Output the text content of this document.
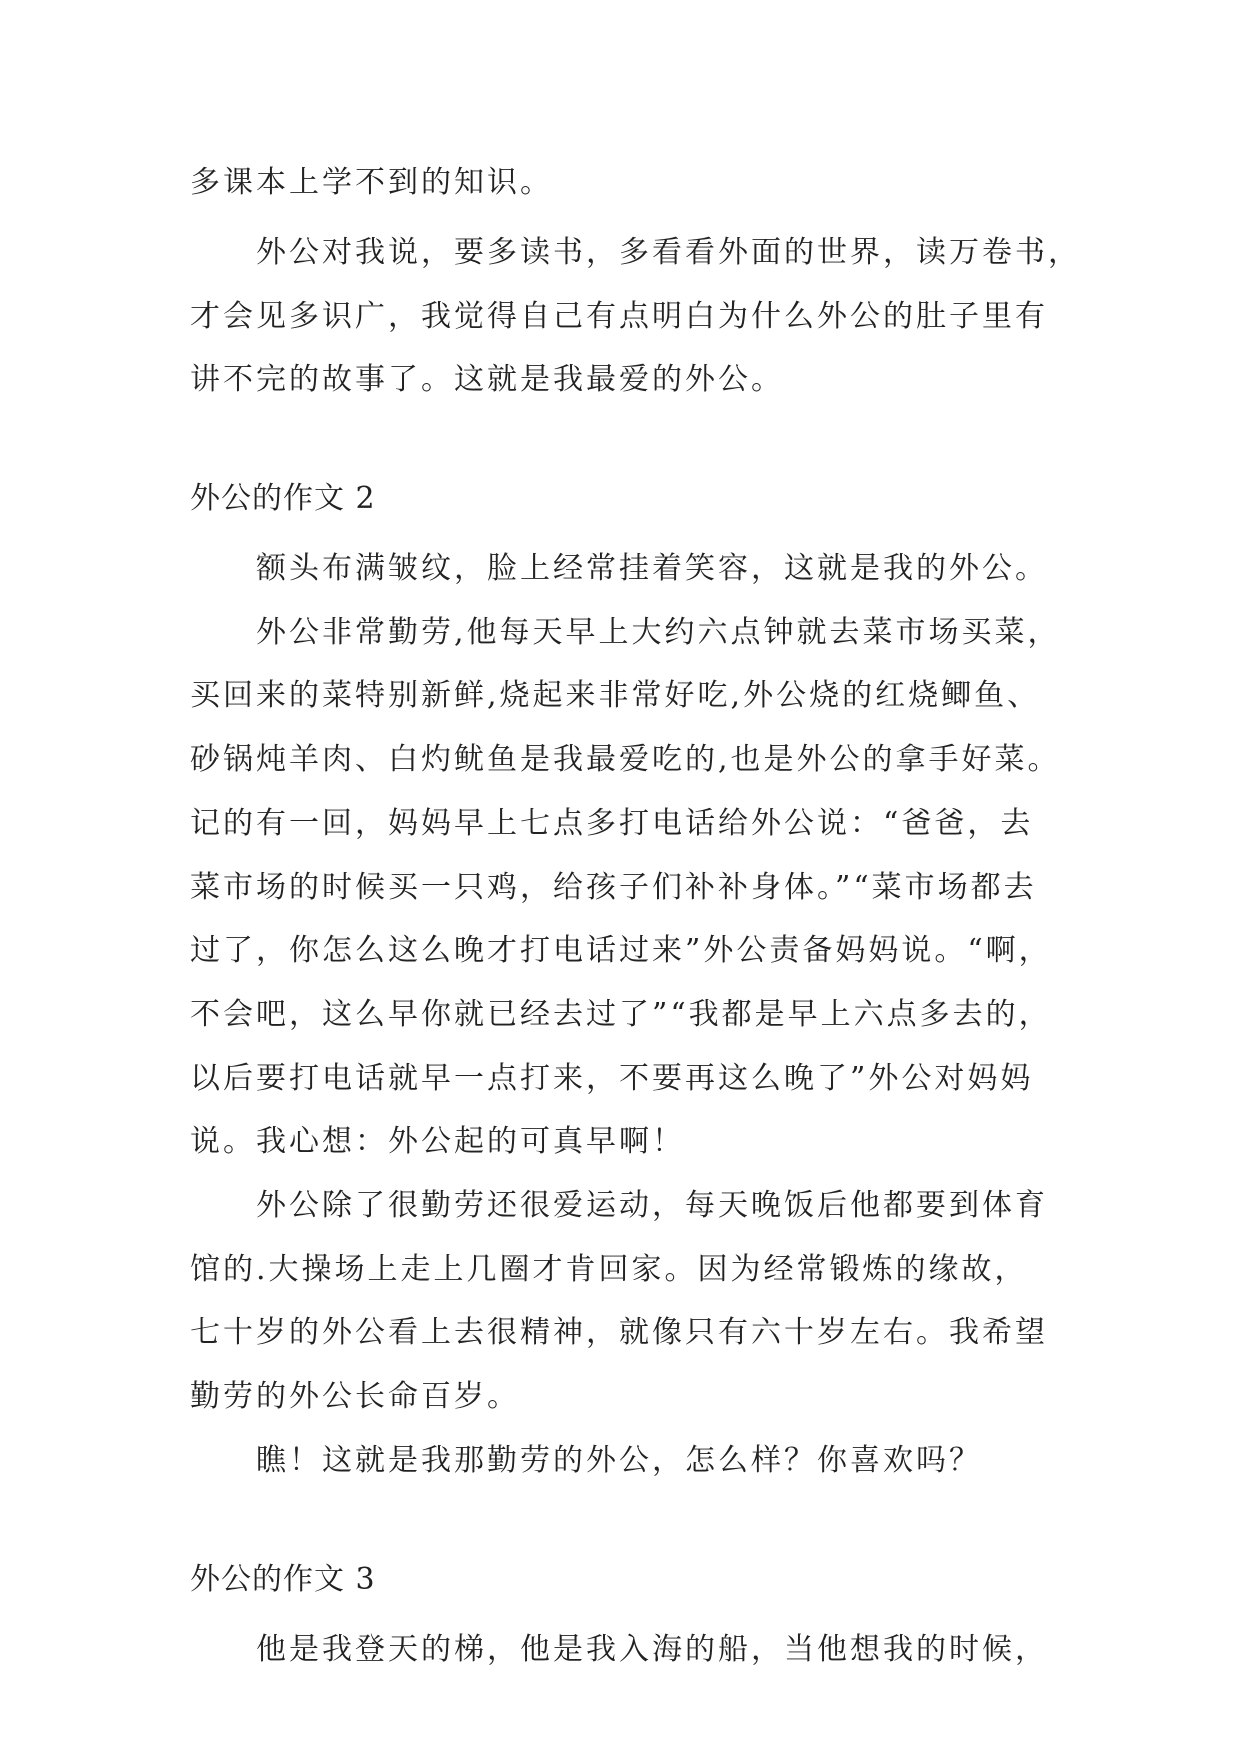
多课本上学不到的知识。
外公对我说，要多读书，多看看外面的世界，读万卷书，
才会见多识广，我觉得自己有点明白为什么外公的肚子里有
讲不完的故事了。这就是我最爱的外公。
外公的作文 2
额头布满皱纹，脸上经常挂着笑容，这就是我的外公。
外公非常勤劳,他每天早上大约六点钟就去菜市场买菜，
买回来的菜特别新鲜,烧起来非常好吃,外公烧的红烧鲫鱼、
砂锅炖羊肉、白灼鱿鱼是我最爱吃的,也是外公的拿手好菜。
记的有一回，妈妈早上七点多打电话给外公说：“爸爸，去
菜市场的时候买一只鸡，给孩子们补补身体。”“菜市场都去
过了，你怎么这么晚才打电话过来”外公责备妈妈说。“啊，
不会吧，这么早你就已经去过了”“我都是早上六点多去的，
以后要打电话就早一点打来，不要再这么晚了”外公对妈妈
说。我心想：外公起的可真早啊！
外公除了很勤劳还很爱运动，每天晚饭后他都要到体育
馆的.大操场上走上几圈才肯回家。因为经常锻炼的缘故，
七十岁的外公看上去很精神，就像只有六十岁左右。我希望
勤劳的外公长命百岁。
瞧！这就是我那勤劳的外公，怎么样？你喜欢吗？
外公的作文 3
他是我登天的梯，他是我入海的船，当他想我的时候，
